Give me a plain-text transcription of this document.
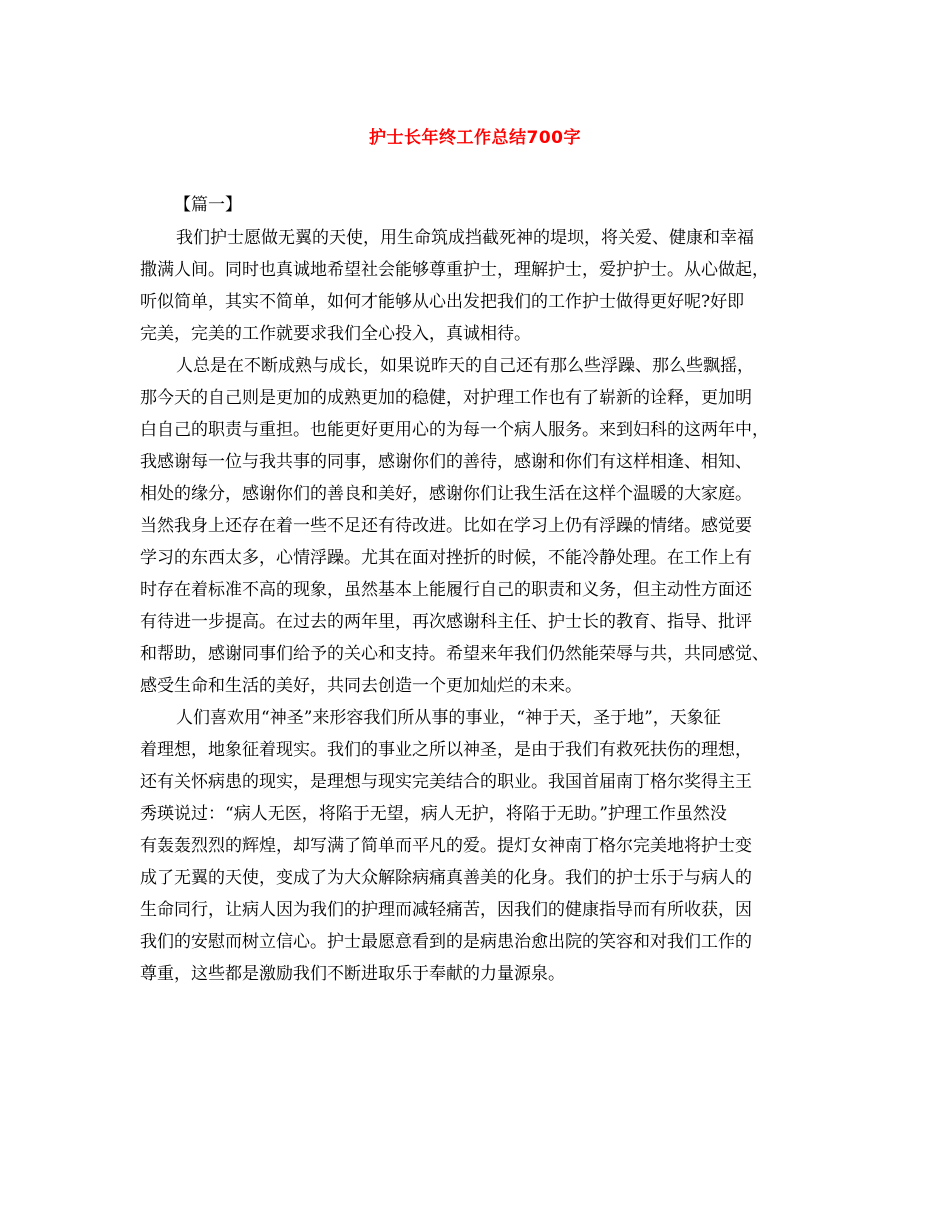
护士长年终工作总结700字
【篇一】

我们护士愿做无翼的天使，用生命筑成挡截死神的堤坝，将关爱、健康和幸福
撒满人间。同时也真诚地希望社会能够尊重护士，理解护士，爱护护士。从心做起，
听似简单，其实不简单，如何才能够从心出发把我们的工作护士做得更好呢?好即
完美，完美的工作就要求我们全心投入，真诚相待。

人总是在不断成熟与成长，如果说昨天的自己还有那么些浮躁、那么些飘摇，
那今天的自己则是更加的成熟更加的稳健，对护理工作也有了崭新的诠释，更加明
白自己的职责与重担。也能更好更用心的为每一个病人服务。来到妇科的这两年中，
我感谢每一位与我共事的同事，感谢你们的善待，感谢和你们有这样相逢、相知、
相处的缘分，感谢你们的善良和美好，感谢你们让我生活在这样个温暖的大家庭。
当然我身上还存在着一些不足还有待改进。比如在学习上仍有浮躁的情绪。感觉要
学习的东西太多，心情浮躁。尤其在面对挫折的时候，不能冷静处理。在工作上有
时存在着标准不高的现象，虽然基本上能履行自己的职责和义务，但主动性方面还
有待进一步提高。在过去的两年里，再次感谢科主任、护士长的教育、指导、批评
和帮助，感谢同事们给予的关心和支持。希望来年我们仍然能荣辱与共，共同感觉、
感受生命和生活的美好，共同去创造一个更加灿烂的未来。

人们喜欢用“神圣”来形容我们所从事的事业，“神于天，圣于地”，天象征
着理想，地象征着现实。我们的事业之所以神圣，是由于我们有救死扶伤的理想，
还有关怀病患的现实，是理想与现实完美结合的职业。我国首届南丁格尔奖得主王
秀瑛说过：“病人无医，将陷于无望，病人无护，将陷于无助。”护理工作虽然没
有轰轰烈烈的辉煌，却写满了简单而平凡的爱。提灯女神南丁格尔完美地将护士变
成了无翼的天使，变成了为大众解除病痛真善美的化身。我们的护士乐于与病人的
生命同行，让病人因为我们的护理而减轻痛苦，因我们的健康指导而有所收获，因
我们的安慰而树立信心。护士最愿意看到的是病患治愈出院的笑容和对我们工作的
尊重，这些都是激励我们不断进取乐于奉献的力量源泉。
